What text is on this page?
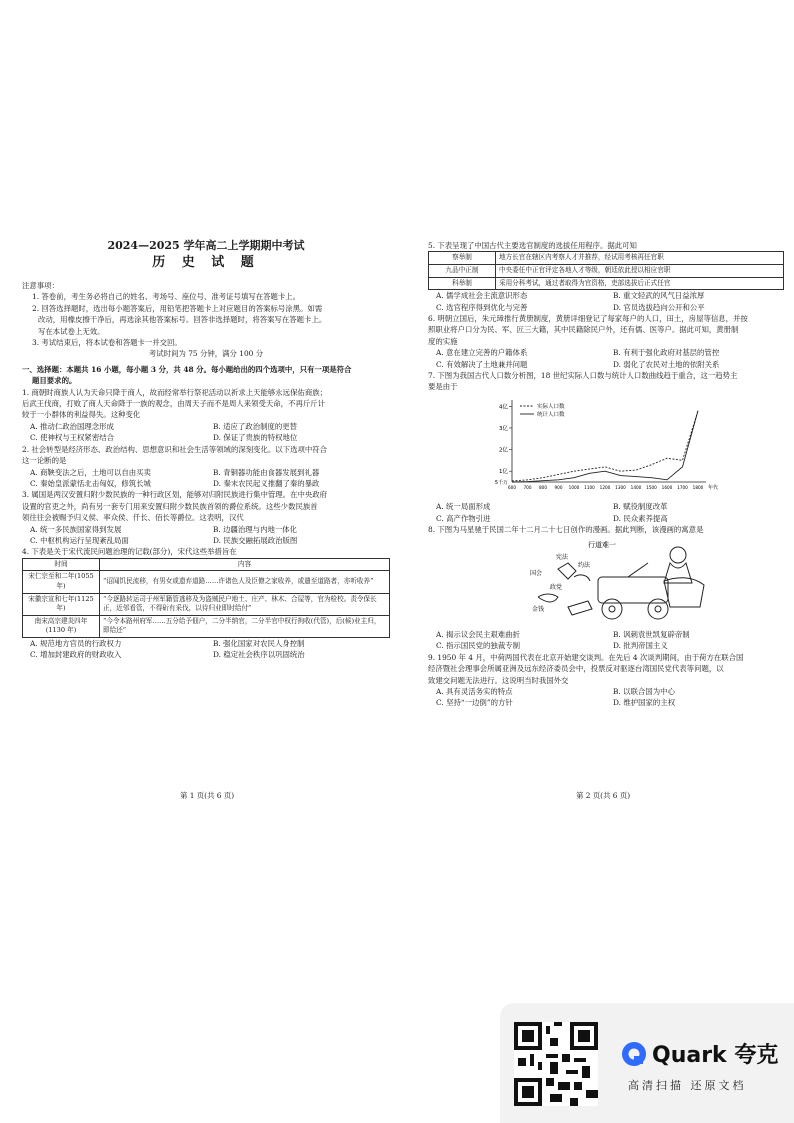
2024—2025 学年高二上学期期中考试
历 史 试 题
注意事项：
1. 答卷前，考生务必将自己的姓名、考场号、座位号、准考证号填写在答题卡上。
2. 回答选择题时，选出每小题答案后，用铅笔把答题卡上对应题目的答案标号涂黑。如需
改动，用橡皮擦干净后，再选涂其他答案标号。回答非选择题时，将答案写在答题卡上。
写在本试卷上无效。
3. 考试结束后，将本试卷和答题卡一并交回。
考试时间为 75 分钟，满分 100 分
一、选择题：本题共 16 小题，每小题 3 分，共 48 分。每小题给出的四个选项中，只有一项是符合
题目要求的。
1. 商朝时商族人认为天命只降于商人，故而经常举行祭祀活动以祈求上天能够永远保佑商族；
后武王伐商，打败了商人天命降于一族的观念，由周天子而不是周人来领受天命，不再斤斤计
较于一小群体的利益得失。这种变化
A. 推动仁政治国理念形成	B. 适应了政治制度的更替
C. 使神权与王权紧密结合	D. 保证了贵族的特权地位
2. 社会转型是经济形态、政治结构、思想意识和社会生活等领域的深刻变化。以下选项中符合
这一论断的是
A. 商鞅变法之后，土地可以自由买卖	B. 青铜器功能由食器发展到礼器
C. 秦始皇派蒙恬北击匈奴，修筑长城	D. 秦末农民起义推翻了秦的暴政
3. 属国是两汉安置归附少数民族的一种行政区划，能够对归附民族进行集中管理。在中央政府
设置的官吏之外，尚有另一套专门用来安置归附少数民族首领的爵位系统。这些少数民族首
领往往会被赐予归义侯、率众侯、仟长、佰长等爵位。这表明，汉代
A. 统一多民族国家得到发展	B. 边疆治理与内地一体化
C. 中枢机构运行呈现紊乱局面	D. 民族交融拓展政治版图
4. 下表是关于宋代流民问题治理的记载(部分)，宋代这些举措旨在
时间	内容
宋仁宗至和二年(1055 年)	“诏闻饥民流移，有男女或遗弃道路……许诸色人及臣僚之家收养，或遣至道路者，亦听收养”
宋徽宗宣和七年(1125 年)	“今逐路转运司于州军籍管逃移及为盗贼民户地土、庄产、林木、合屋等，官为检校。责令保长正，近邻看管，不得斫有采伐，以待归业即时给付”
南宋高宗建炎四年(1130 年)	“今令本路州府军……五分给予佃户，二分半纳官，二分半官中权行拘收(代管)，后(候)业主归，即给还”
A. 规范地方官员的行政权力	B. 强化国家对农民人身控制
C. 增加封建政府的财政收入	D. 稳定社会秩序以巩固统治
第 1 页(共 6 页)
5. 下表呈现了中国古代主要选官制度的选拔任用程序。据此可知
察举制	地方长官在辖区内考察人才并推荐，经试用考核再任官职
九品中正制	中央委任中正官评定各地人才等级，朝廷依此授以相应官职
科举制	采用分科考试，通过者取得为官资格，吏部选拔后正式任官
A. 儒学成社会主流意识形态	B. 重文轻武的风气日益浓厚
C. 选官程序得到优化与完善	D. 官员选拔趋向公开和公平
6. 明朝立国后，朱元璋推行黄册制度，黄册详细登记了每家每户的人口，田土，房屋等信息，并按
照职业将户口分为民、军、匠三大籍，其中民籍除民户外，还有儒、医等户。据此可知，黄册制
度的实施
A. 意在建立完善的户籍体系	B. 有利于强化政府对基层的管控
C. 有效解决了土地兼并问题	D. 弱化了农民对土地的依附关系
7. 下图为我国古代人口数分析图，18 世纪实际人口数与统计人口数曲线趋于重合，这一趋势主
要是由于
1亿
2亿
3亿
4亿
5千万
600 700 800 900 1000 1100 1200 1300 1400 1500 1600 1700 1800 年代
实际人口数
统计人口数
A. 统一局面形成	B. 赋役制度改革
C. 高产作物引进	D. 民众素养提高
8. 下图为马星驰于民国二年十二月二十七日创作的漫画。据此判断，该漫画的寓意是
行道难一
国会
宪法
约法
政党
金钱
A. 揭示议会民主艰难曲折	B. 讽刺袁世凯复辟帝制
C. 指示国民党的独裁专制	D. 批判帝国主义
9. 1950 年 4 月，中荷两国代表在北京开始建交谈判。在先后 4 次谈判期间，由于荷方在联合国
经济暨社会理事会所属亚洲及远东经济委员会中，投票反对驱逐台湾国民党代表等问题，以
致建交问题无法进行。这说明当时我国外交
A. 具有灵活务实的特点	B. 以联合国为中心
C. 坚持“一边倒”的方针	D. 维护国家的主权
第 2 页(共 6 页)
Quark 夸克
高清扫描 还原文档
